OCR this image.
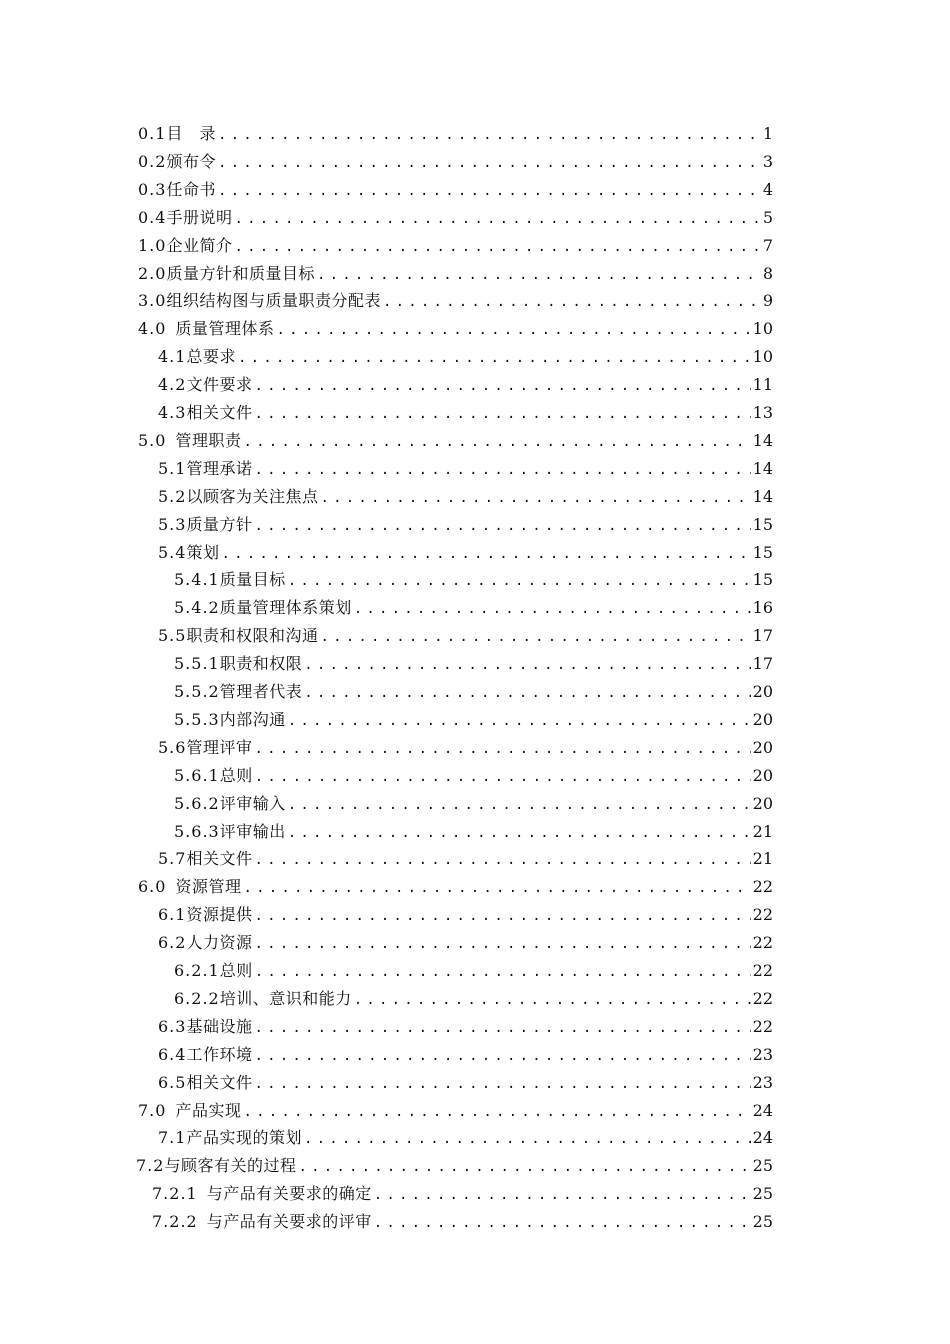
0.1 目　录 .....	1
0.2 颁布令 .....	3
0.3 任命书 .....	4
0.4 手册说明 .....	5
1.0 企业简介 .....	7
2.0 质量方针和质量目标 .....	8
3.0 组织结构图与质量职责分配表 .....	9
4.0 质量管理体系 .....	10
4.1 总要求 .....	10
4.2 文件要求 .....	11
4.3 相关文件 .....	13
5.0 管理职责 .....	14
5.1 管理承诺 .....	14
5.2 以顾客为关注焦点 .....	14
5.3 质量方针 .....	15
5.4 策划 .....	15
5.4.1 质量目标 .....	15
5.4.2 质量管理体系策划 .....	16
5.5 职责和权限和沟通 .....	17
5.5.1 职责和权限 .....	17
5.5.2 管理者代表 .....	20
5.5.3 内部沟通 .....	20
5.6 管理评审 .....	20
5.6.1 总则 .....	20
5.6.2 评审输入 .....	20
5.6.3 评审输出 .....	21
5.7 相关文件 .....	21
6.0 资源管理 .....	22
6.1 资源提供 .....	22
6.2 人力资源 .....	22
6.2.1 总则 .....	22
6.2.2 培训、意识和能力 .....	22
6.3 基础设施 .....	22
6.4 工作环境 .....	23
6.5 相关文件 .....	23
7.0 产品实现 .....	24
7.1 产品实现的策划 .....	24
7.2 与顾客有关的过程 .....	25
7.2.1 与产品有关要求的确定 .....	25
7.2.2 与产品有关要求的评审 .....	25
